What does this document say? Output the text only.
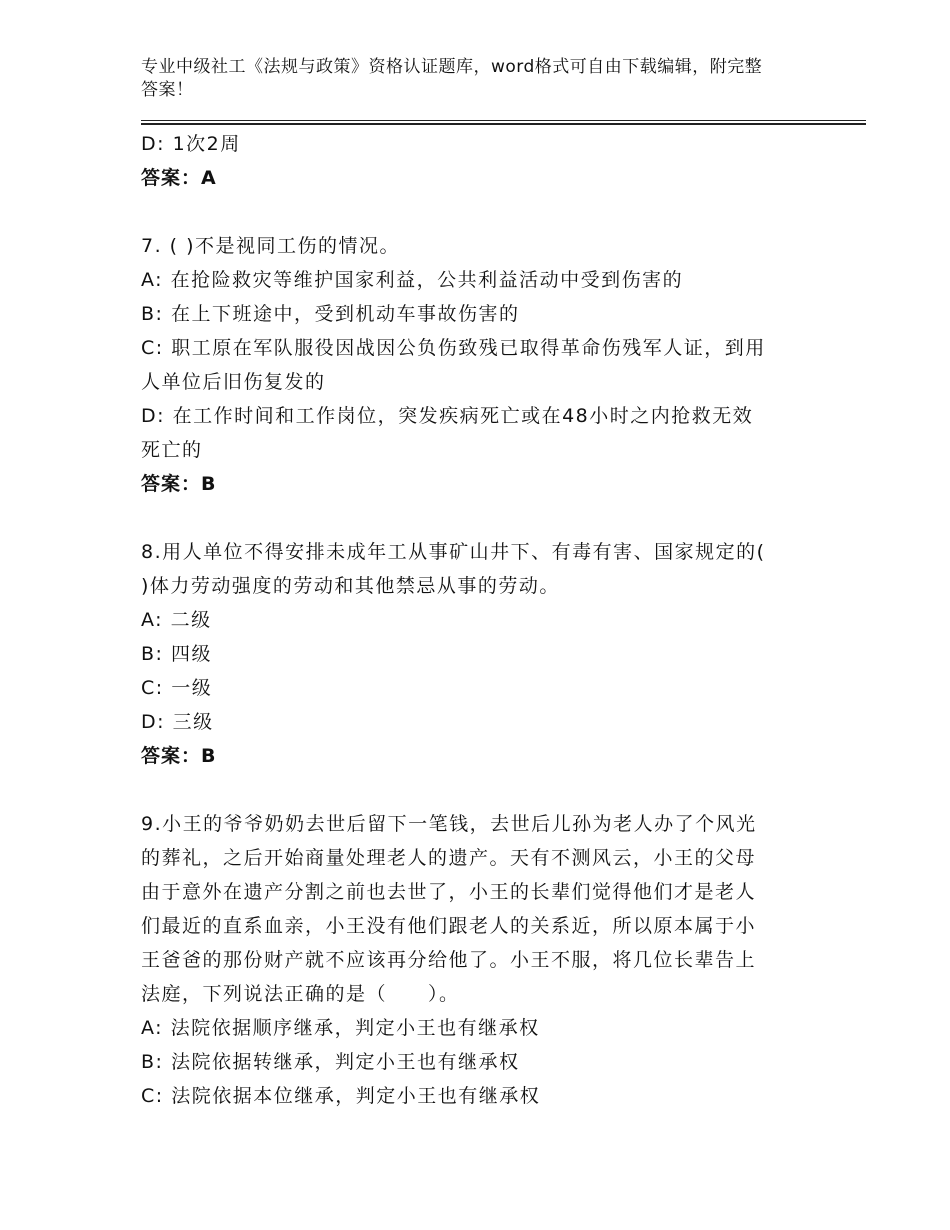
专业中级社工《法规与政策》资格认证题库，word格式可自由下载编辑，附完整
答案！
D: 1次2周
答案：A
7. ( )不是视同工伤的情况。
A: 在抢险救灾等维护国家利益，公共利益活动中受到伤害的
B: 在上下班途中，受到机动车事故伤害的
C: 职工原在军队服役因战因公负伤致残已取得革命伤残军人证，到用
人单位后旧伤复发的
D: 在工作时间和工作岗位，突发疾病死亡或在48小时之内抢救无效
死亡的
答案：B
8.用人单位不得安排未成年工从事矿山井下、有毒有害、国家规定的(
)体力劳动强度的劳动和其他禁忌从事的劳动。
A: 二级
B: 四级
C: 一级
D: 三级
答案：B
9.小王的爷爷奶奶去世后留下一笔钱，去世后儿孙为老人办了个风光
的葬礼，之后开始商量处理老人的遗产。天有不测风云，小王的父母
由于意外在遗产分割之前也去世了，小王的长辈们觉得他们才是老人
们最近的直系血亲，小王没有他们跟老人的关系近，所以原本属于小
王爸爸的那份财产就不应该再分给他了。小王不服，将几位长辈告上
法庭，下列说法正确的是（　　）。
A: 法院依据顺序继承，判定小王也有继承权
B: 法院依据转继承，判定小王也有继承权
C: 法院依据本位继承，判定小王也有继承权
